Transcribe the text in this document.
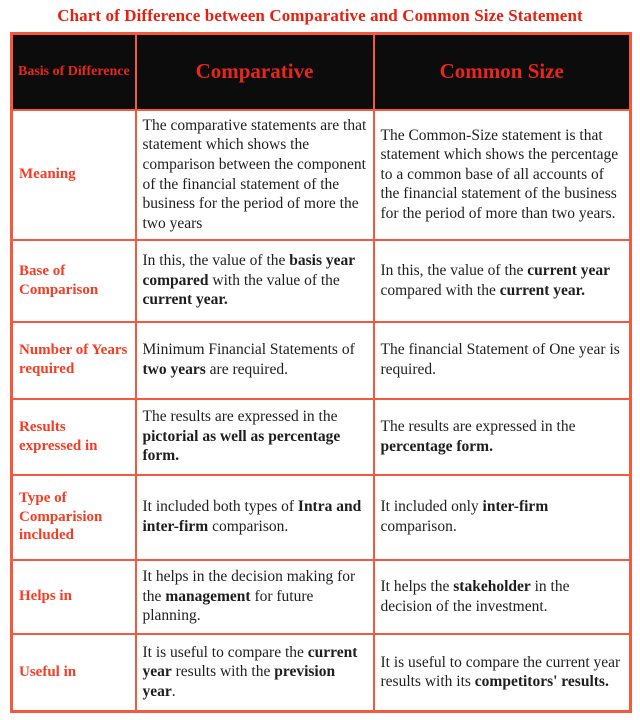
Chart of Difference between Comparative and Common Size Statement
Basis of Difference	Comparative	Common Size
Meaning	The comparative statements are that statement which shows the comparison between the component of the financial statement of the business for the period of more the two years	The Common-Size statement is that statement which shows the percentage to a common base of all accounts of the financial statement of the business for the period of more than two years.
Base of Comparison	In this, the value of the basis year compared with the value of the current year.	In this, the value of the current year compared with the current year.
Number of Years required	Minimum Financial Statements of two years are required.	The financial Statement of One year is required.
Results expressed in	The results are expressed in the pictorial as well as percentage form.	The results are expressed in the percentage form.
Type of Comparision included	It included both types of Intra and inter-firm comparison.	It included only inter-firm comparison.
Helps in	It helps in the decision making for the management for future planning.	It helps the stakeholder in the decision of the investment.
Useful in	It is useful to compare the current year results with the prevision year.	It is useful to compare the current year results with its competitors' results.
